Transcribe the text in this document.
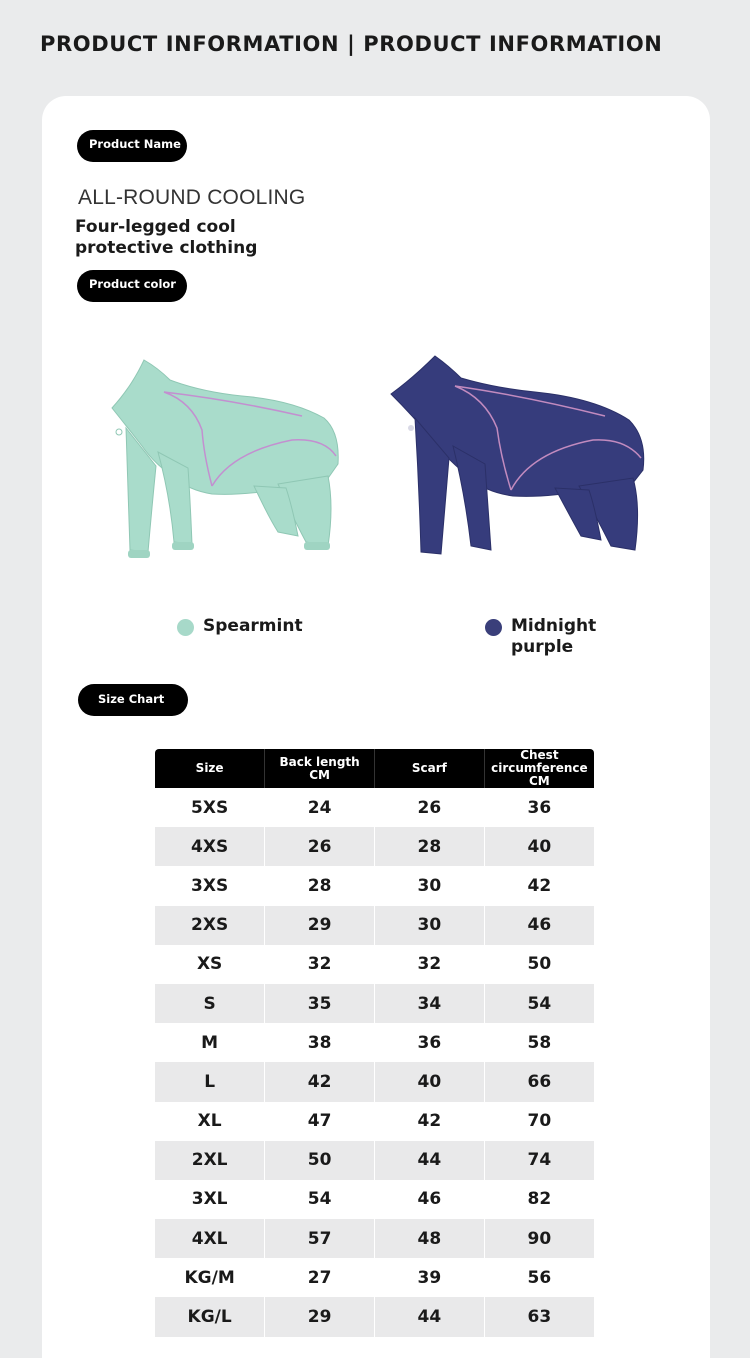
PRODUCT INFORMATION | PRODUCT INFORMATION
Product Name
ALL-ROUND COOLING
Four-legged cool protective clothing
Product color
Spearmint	Midnight purple
Size Chart
Size	Back length CM	Scarf	Chest circumference CM
5XS	24	26	36
4XS	26	28	40
3XS	28	30	42
2XS	29	30	46
XS	32	32	50
S	35	34	54
M	38	36	58
L	42	40	66
XL	47	42	70
2XL	50	44	74
3XL	54	46	82
4XL	57	48	90
KG/M	27	39	56
KG/L	29	44	63
